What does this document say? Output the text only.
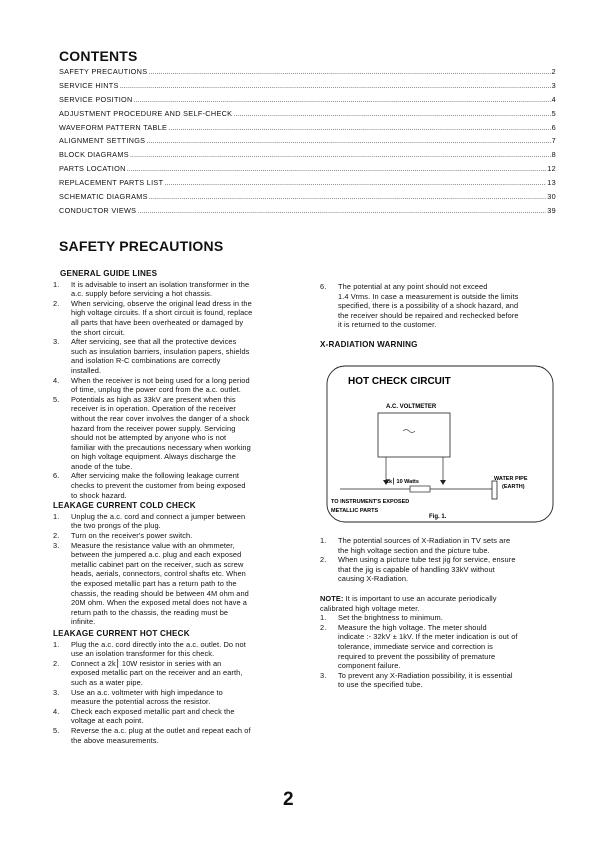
CONTENTS
SAFETY PRECAUTIONS .....	2
SERVICE HINTS .....	3
SERVICE POSITION .....	4
ADJUSTMENT PROCEDURE AND SELF-CHECK .....	5
WAVEFORM PATTERN TABLE .....	6
ALIGNMENT SETTINGS .....	7
BLOCK DIAGRAMS .....	8
PARTS LOCATION .....	12
REPLACEMENT PARTS LIST .....	13
SCHEMATIC DIAGRAMS .....	30
CONDUCTOR VIEWS .....	39
SAFETY PRECAUTIONS
GENERAL GUIDE LINES
1. It is advisable to insert an isolation transformer in the
a.c. supply before servicing a hot chassis.
2. When servicing, observe the original lead dress in the
high voltage circuits. If a short circuit is found, replace
all parts that have been overheated or damaged by
the short circuit.
3. After servicing, see that all the protective devices
such as insulation barriers, insulation papers, shields
and isolation R-C combinations are correctly
installed.
4. When the receiver is not being used for a long period
of time, unplug the power cord from the a.c. outlet.
5. Potentials as high as 33kV are present when this
receiver is in operation. Operation of the receiver
without the rear cover involves the danger of a shock
hazard from the receiver power supply. Servicing
should not be attempted by anyone who is not
familiar with the precautions necessary when working
on high voltage equipment. Always discharge the
anode of the tube.
6. After servicing make the following leakage current
checks to prevent the customer from being exposed
to shock hazard.
LEAKAGE CURRENT COLD CHECK
1. Unplug the a.c. cord and connect a jumper between
the two prongs of the plug.
2. Turn on the receiver's power switch.
3. Measure the resistance value with an ohmmeter,
between the jumpered a.c. plug and each exposed
metallic cabinet part on the receiver, such as screw
heads, aerials, connectors, control shafts etc. When
the exposed metallic part has a return path to the
chassis, the reading should be between 4M ohm and
20M ohm. When the exposed metal does not have a
return path to the chassis, the reading must be
infinite.
LEAKAGE CURRENT HOT CHECK
1. Plug the a.c. cord directly into the a.c. outlet. Do not
use an isolation transformer for this check.
2. Connect a 2k⎮ 10W resistor in series with an
exposed metallic part on the receiver and an earth,
such as a water pipe.
3. Use an a.c. voltmeter with high impedance to
measure the potential across the resistor.
4. Check each exposed metallic part and check the
voltage at each point.
5. Reverse the a.c. plug at the outlet and repeat each of
the above measurements.
6. The potential at any point should not exceed
1.4 Vrms. In case a measurement is outside the limits
specified, there is a possibility of a shock hazard, and
the receiver should be repaired and rechecked before
it is returned to the customer.
X-RADIATION WARNING
HOT CHECK CIRCUIT
A.C. VOLTMETER
2k⎮ 10 Watts	WATER PIPE
(EARTH)
TO INSTRUMENT'S EXPOSED
METALLIC PARTS
Fig. 1.
1. The potential sources of X-Radiation in TV sets are
the high voltage section and the picture tube.
2. When using a picture tube test jig for service, ensure
that the jig is capable of handling 33kV without
causing X-Radiation.
NOTE: It is important to use an accurate periodically
calibrated high voltage meter.
1. Set the brightness to minimum.
2. Measure the high voltage. The meter should
indicate :- 32kV ± 1kV. If the meter indication is out of
tolerance, immediate service and correction is
required to prevent the possibility of premature
component failure.
3. To prevent any X-Radiation possibility, it is essential
to use the specified tube.
2
